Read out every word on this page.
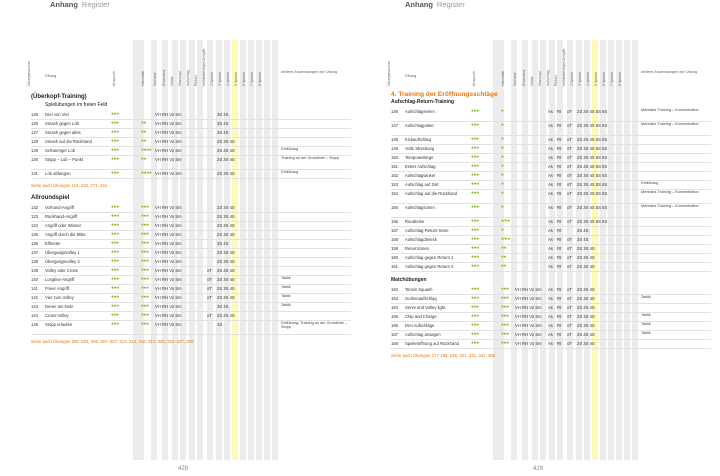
Anhang Register
Übungsnummer	Übung	Anspruch	Intensität Vorhand Rückhand Volley Überkopf Aufschlag Return selbstständiges Anspiel 2 Spieler 3 Spieler 4 Spieler 5 Spieler 6 Spieler 7 Spieler 8 Spieler	weitere Anwendungen der Übung
(Überkopf-Training)
Spielübungen im freien Feld
125 Drei von Vier	●●●	VH RH Vo Sm	3S 4S
126 Smash gegen Lob	●●●	●● VH RH Vo Sm	3S 4S
127 Smash gegen alles	●●●	●● VH RH Vo Sm	3S 4S
128 Smash auf die Rückhand	●●●	●● VH RH Vo Sm	2S 3S 4S
129 Schwieriger Lob	●●●	●●●● VH RH Vo Sm	2S 3S 4S	Drillübung
130 Stopp – Lob – Punkt	●●●	●● VH RH Vo Sm	2S 3S 4S	Training an der Grundlinie – Stopp
131 Lob abfangen	●●●	●●●● VH RH Vo Sm	2S 3S 4S	Drillübung
siehe auch Übungen 119, 234, 271, 341
Allroundspiel
132 Vorhand-Angriff	●●●	●●● VH RH Vo Sm	2S 3S 4S
133 Rückhand-Angriff	●●●	●●● VH RH Vo Sm	2S 3S 4S
134 Angriff oder Winner	●●●	●●● VH RH Vo Sm	2S 3S 4S
135 Angriff durch die Mitte	●●●	●●● VH RH Vo Sm	2S 3S 4S
136 Elfmeter	●●●	●●● VH RH Vo Sm	3S 4S
137 Übergangsvolley 1	●●●	●●● VH RH Vo Sm	2S 3S 4S
138 Übergangsvolley 2	●●●	●●● VH RH Vo Sm	2S 3S 4S
139 Volley oder Cross	●●●	●●● VH RH Vo Sm	oT 2S 3S 4S
140 Longline-Angriff	●●●	●●● VH RH Vo Sm	oT 2S 3S 4S	Taktik
141 Freier Angriff	●●●	●●● VH RH Vo Sm	oT 2S 3S 4S	Taktik
142 Vier zum Volley	●●●	●●● VH RH Vo Sm	oT 2S 3S 4S	Taktik
143 Dreier am Netz	●●●	●●● VH RH Vo Sm	3S 4S	Taktik
144 Cross-Volley	●●●	●●● VH RH Vo Sm	oT 2S 3S 4S
145 Stopp erlaufen	●●●	●●● VH RH Vo Sm	4S	Drillübung, Training an der Grundlinie – Stopp
siehe auch Übungen 291–293, 295, 297–307, 313, 314, 316, 317, 320, 323–327, 329
428
Anhang Register
Übungsnummer	Übung	Anspruch	Intensität Vorhand Rückhand Volley Überkopf Aufschlag Return selbstständiges Anspiel 2 Spieler 3 Spieler 4 Spieler 5 Spieler 6 Spieler 7 Spieler 8 Spieler	weitere Anwendungen der Übung
4. Training der Eröffnungsschläge
Aufschlag-Return-Training
146 Aufschlagserien	●●●	●	As Rt oT 2S 3S 4S 5S 6S	Mentales Training – Konzentration
147 Aufschlagpoker	●●●	●	As Rt oT 2S 3S 4S 5S 6S	Mentales Training – Konzentration
148 Kickaufschlag	●●●	●	As Rt oT 2S 3S 4S 5S 6S
149 Volle Streckung	●●●	●	As Rt oT 2S 3S 4S 5S 6S
150 Tempoanstiege	●●●	●	As Rt oT 2S 3S 4S 5S 6S
151 Erster Aufschlag	●●●	●	As Rt oT 2S 3S 4S 5S 6S
152 Aufschlagwinkel	●●●	●	As Rt oT 2S 3S 4S 5S 6S
153 Aufschlag auf Zeit	●●●	●	As Rt oT 2S 3S 4S 5S 6S	Drillübung
154 Aufschlag auf die Rückhand	●●●	●	As Rt oT 2S 3S 4S 5S 6S	Mentales Training – Konzentration
155 Aufschlagsonen	●●●	●	As Rt oT 2S 3S 4S 5S 6S	Mentales Training – Konzentration
156 Rundreise	●●●	●/●●	As Rt oT 2S 3S 4S 5S 6S
157 Aufschlag-Return-Serie	●●●	●	As Rt	2S 4S
158 Aufschlagdreieck	●●●	●/●●	As Rt oT 3S 4S
159 Returnzonen	●●●	●●	As Rt oT 2S 3S 4S
160 Aufschlag gegen Return 1	●●●	●●	As Rt oT 2S 3S 4S
161 Aufschlag gegen Return 2	●●●	●●	As Rt oT 2S 3S 4S
Matchübungen
162 Tennis Squash	●●●	●●● VH RH Vo Sm As Rt oT 2S 3S 4S
163 Gurkenaufschlag	●●●	●●● VH RH Vo Sm As Rt oT 2S 3S 4S	Taktik
164 Serve and Volley light	●●●	●●● VH RH Vo Sm As Rt oT 2S 3S 4S
165 Chip and Charge	●●●	●●● VH RH Vo Sm As Rt oT 2S 3S 4S	Taktik
166 Drei Aufschläge	●●●	●●● VH RH Vo Sm As Rt oT 2S 3S 4S	Taktik
167 Aufschlag ansagen	●●●	●●● VH RH Vo Sm As Rt oT 2S 3S 4S	Taktik
168 Spieleröffnung auf Rückhand	●●●	●●● VH RH Vo Sm As Rt oT 2S 3S 4S
siehe auch Übungen 177-196, 249, 321, 341, 342, 365
429
